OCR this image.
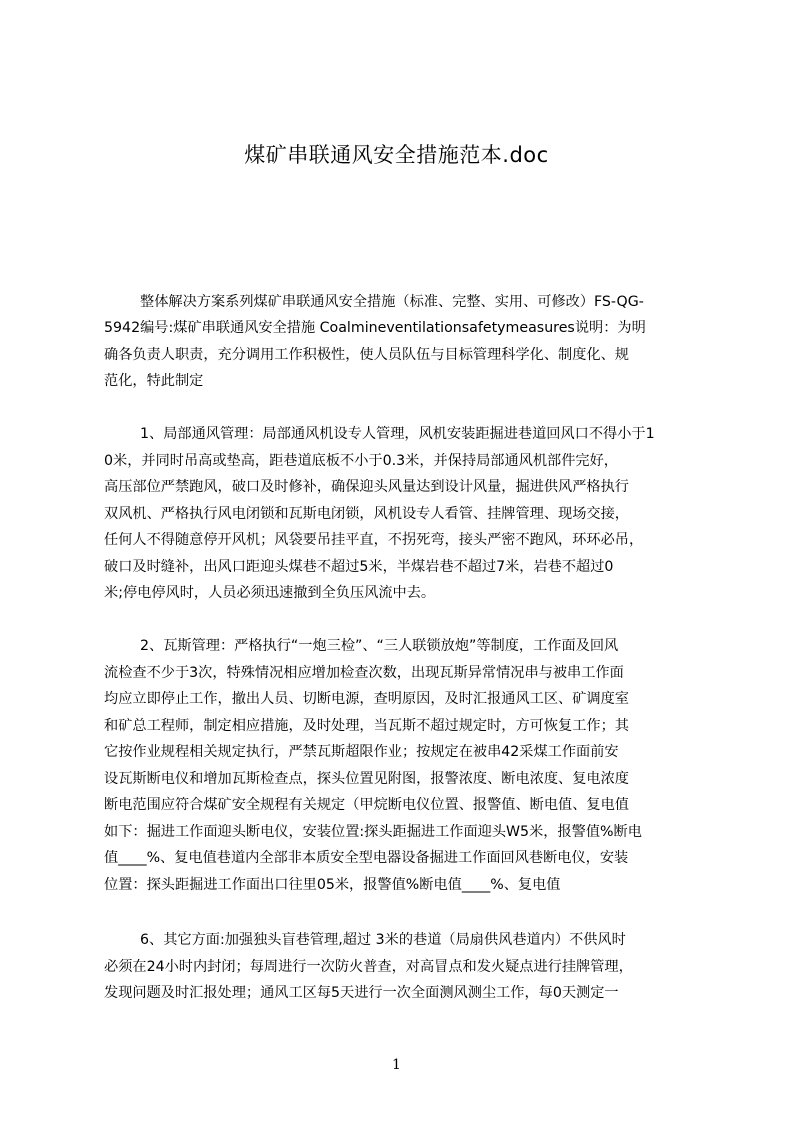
煤矿串联通风安全措施范本.doc
整体解决方案系列煤矿串联通风安全措施（标准、完整、实用、可修改）FS-QG-
5942编号:煤矿串联通风安全措施 Coalmineventilationsafetymeasures说明：为明
确各负责人职责，充分调用工作积极性，使人员队伍与目标管理科学化、制度化、规
范化，特此制定
1、局部通风管理：局部通风机设专人管理，风机安装距掘进巷道回风口不得小于1
0米，并同时吊高或垫高，距巷道底板不小于0.3米，并保持局部通风机部件完好，
高压部位严禁跑风，破口及时修补，确保迎头风量达到设计风量，掘进供风严格执行
双风机、严格执行风电闭锁和瓦斯电闭锁，风机设专人看管、挂牌管理、现场交接，
任何人不得随意停开风机；风袋要吊挂平直，不拐死弯，接头严密不跑风，环环必吊，
破口及时缝补，出风口距迎头煤巷不超过5米，半煤岩巷不超过7米，岩巷不超过0
米;停电停风时，人员必须迅速撤到全负压风流中去。
2、瓦斯管理：严格执行“一炮三检”、“三人联锁放炮”等制度，工作面及回风
流检查不少于3次，特殊情况相应增加检查次数，出现瓦斯异常情况串与被串工作面
均应立即停止工作，撤出人员、切断电源，查明原因，及时汇报通风工区、矿调度室
和矿总工程师，制定相应措施，及时处理，当瓦斯不超过规定时，方可恢复工作；其
它按作业规程相关规定执行，严禁瓦斯超限作业；按规定在被串42采煤工作面前安
设瓦斯断电仪和增加瓦斯检查点，探头位置见附图，报警浓度、断电浓度、复电浓度
断电范围应符合煤矿安全规程有关规定（甲烷断电仪位置、报警值、断电值、复电值
如下：掘进工作面迎头断电仪，安装位置:探头距掘进工作面迎头W5米，报警值%断电
值____%、复电值巷道内全部非本质安全型电器设备掘进工作面回风巷断电仪，安装
位置：探头距掘进工作面出口往里05米，报警值%断电值____%、复电值
6、其它方面:加强独头盲巷管理,超过 3米的巷道（局扇供风巷道内）不供风时
必须在24小时内封闭；每周进行一次防火普查，对高冒点和发火疑点进行挂牌管理，
发现问题及时汇报处理；通风工区每5天进行一次全面测风测尘工作，每0天测定一
1
